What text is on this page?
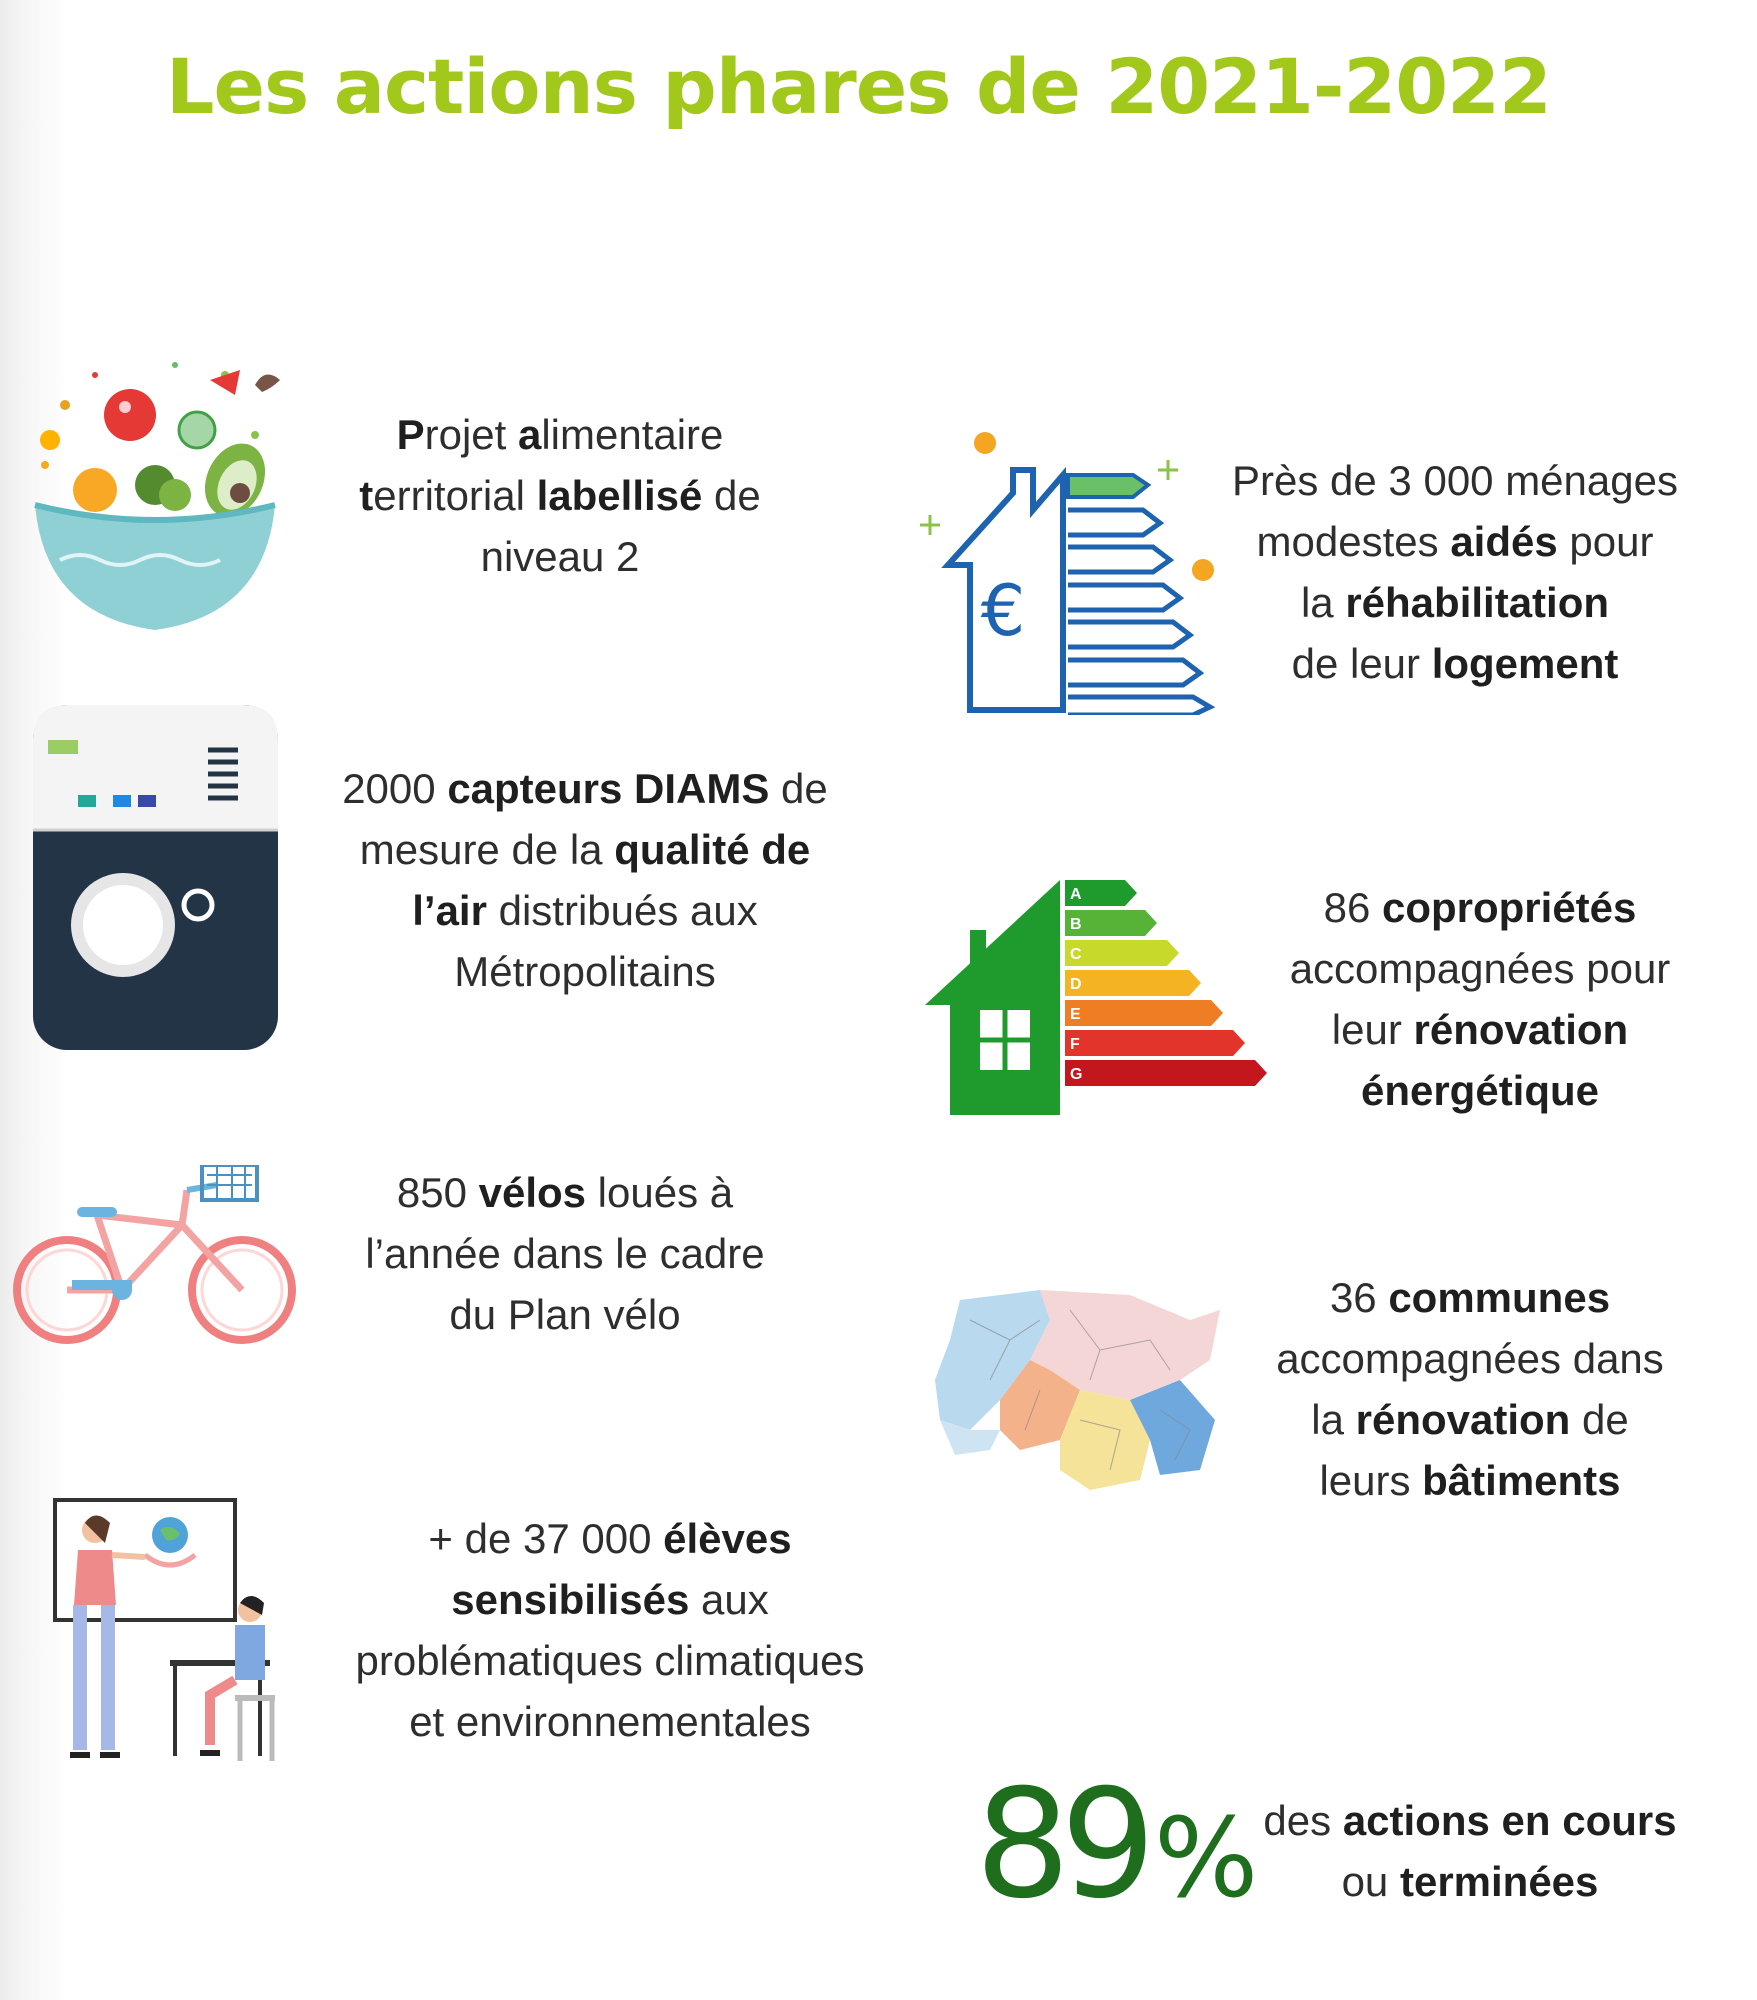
Les actions phares de 2021-2022
Projet alimentaire
territorial labellisé de
niveau 2
2000 capteurs DIAMS de
mesure de la qualité de
l’air distribués aux
Métropolitains
850 vélos loués à
l’année dans le cadre
du Plan vélo
+ de 37 000 élèves
sensibilisés aux
problématiques climatiques
et environnementales
€
Près de 3 000 ménages
modestes aidés pour
la réhabilitation
de leur logement
A
B
C
D
E
F
G
86 copropriétés
accompagnées pour
leur rénovation
énergétique
36 communes
accompagnées dans
la rénovation de
leurs bâtiments
89% des actions en cours
ou terminées
